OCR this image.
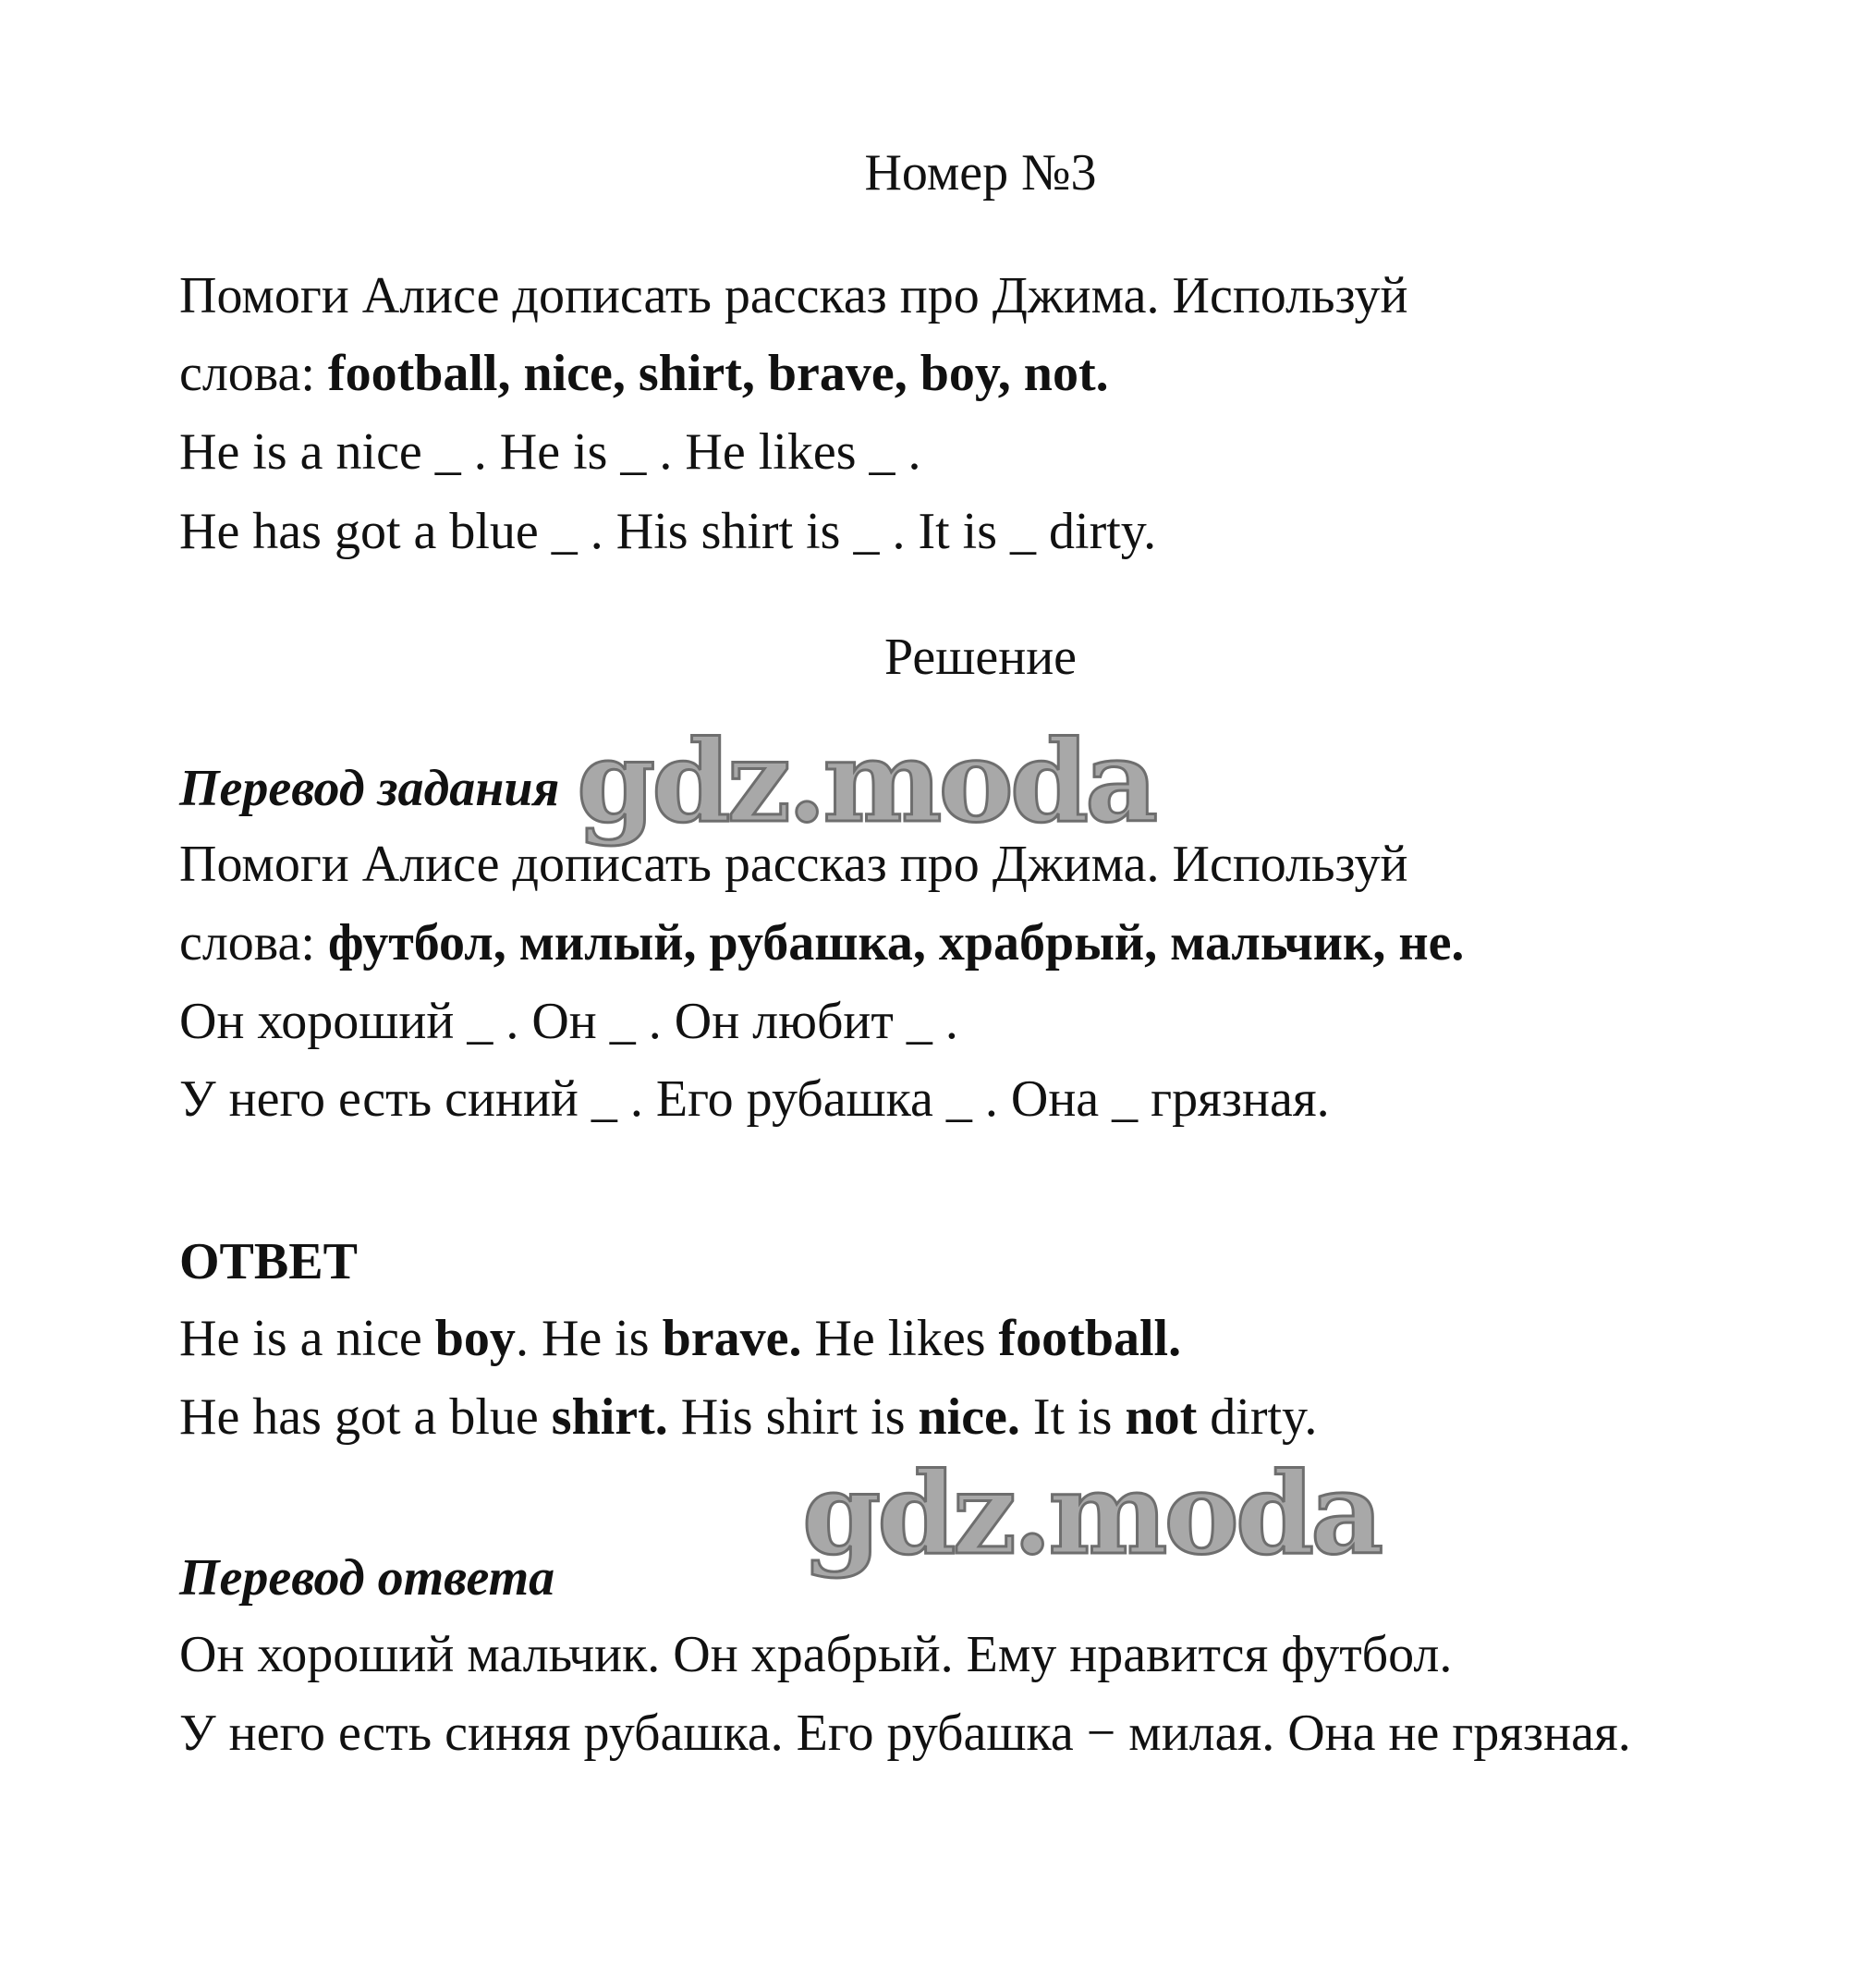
Номер №3
Помоги Алисе дописать рассказ про Джима. Используй
слова: football, nice, shirt, brave, boy, not.
He is a nice _ . He is _ . He likes _ .
He has got a blue _ . His shirt is _ . It is _ dirty.
Решение
Перевод задания gdz.moda
Помоги Алисе дописать рассказ про Джима. Используй
слова: футбол, милый, рубашка, храбрый, мальчик, не.
Он хороший _ . Он _ . Он любит _ .
У него есть синий _ . Его рубашка _ . Она _ грязная.
ОТВЕТ
He is a nice boy. He is brave. He likes football.
He has got a blue shirt. His shirt is nice. It is not dirty.
gdz.moda
Перевод ответа
Он хороший мальчик. Он храбрый. Ему нравится футбол.
У него есть синяя рубашка. Его рубашка − милая. Она не грязная.
